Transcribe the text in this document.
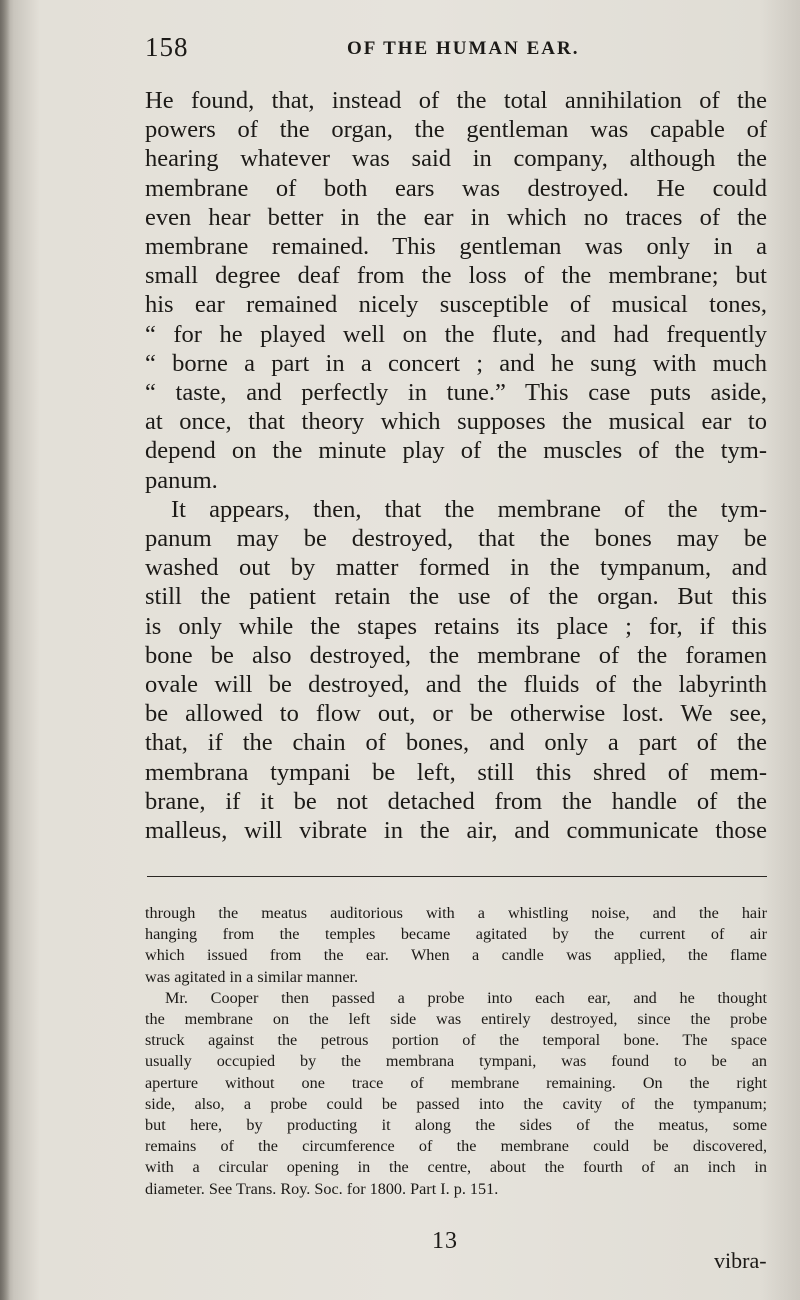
158	OF THE HUMAN EAR.
He found, that, instead of the total annihilation of the
powers of the organ, the gentleman was capable of
hearing whatever was said in company, although the
membrane of both ears was destroyed. He could
even hear better in the ear in which no traces of the
membrane remained. This gentleman was only in a
small degree deaf from the loss of the membrane; but
his ear remained nicely susceptible of musical tones,
“ for he played well on the flute, and had frequently
“ borne a part in a concert ; and he sung with much
“ taste, and perfectly in tune.” This case puts aside,
at once, that theory which supposes the musical ear to
depend on the minute play of the muscles of the tym-
panum.
It appears, then, that the membrane of the tym-
panum may be destroyed, that the bones may be
washed out by matter formed in the tympanum, and
still the patient retain the use of the organ. But this
is only while the stapes retains its place ; for, if this
bone be also destroyed, the membrane of the foramen
ovale will be destroyed, and the fluids of the labyrinth
be allowed to flow out, or be otherwise lost. We see,
that, if the chain of bones, and only a part of the
membrana tympani be left, still this shred of mem-
brane, if it be not detached from the handle of the
malleus, will vibrate in the air, and communicate those
through the meatus auditorious with a whistling noise, and the hair
hanging from the temples became agitated by the current of air
which issued from the ear. When a candle was applied, the flame
was agitated in a similar manner.
Mr. Cooper then passed a probe into each ear, and he thought
the membrane on the left side was entirely destroyed, since the probe
struck against the petrous portion of the temporal bone. The space
usually occupied by the membrana tympani, was found to be an
aperture without one trace of membrane remaining. On the right
side, also, a probe could be passed into the cavity of the tympanum;
but here, by producting it along the sides of the meatus, some
remains of the circumference of the membrane could be discovered,
with a circular opening in the centre, about the fourth of an inch in
diameter. See Trans. Roy. Soc. for 1800. Part I. p. 151.
13
vibra-
